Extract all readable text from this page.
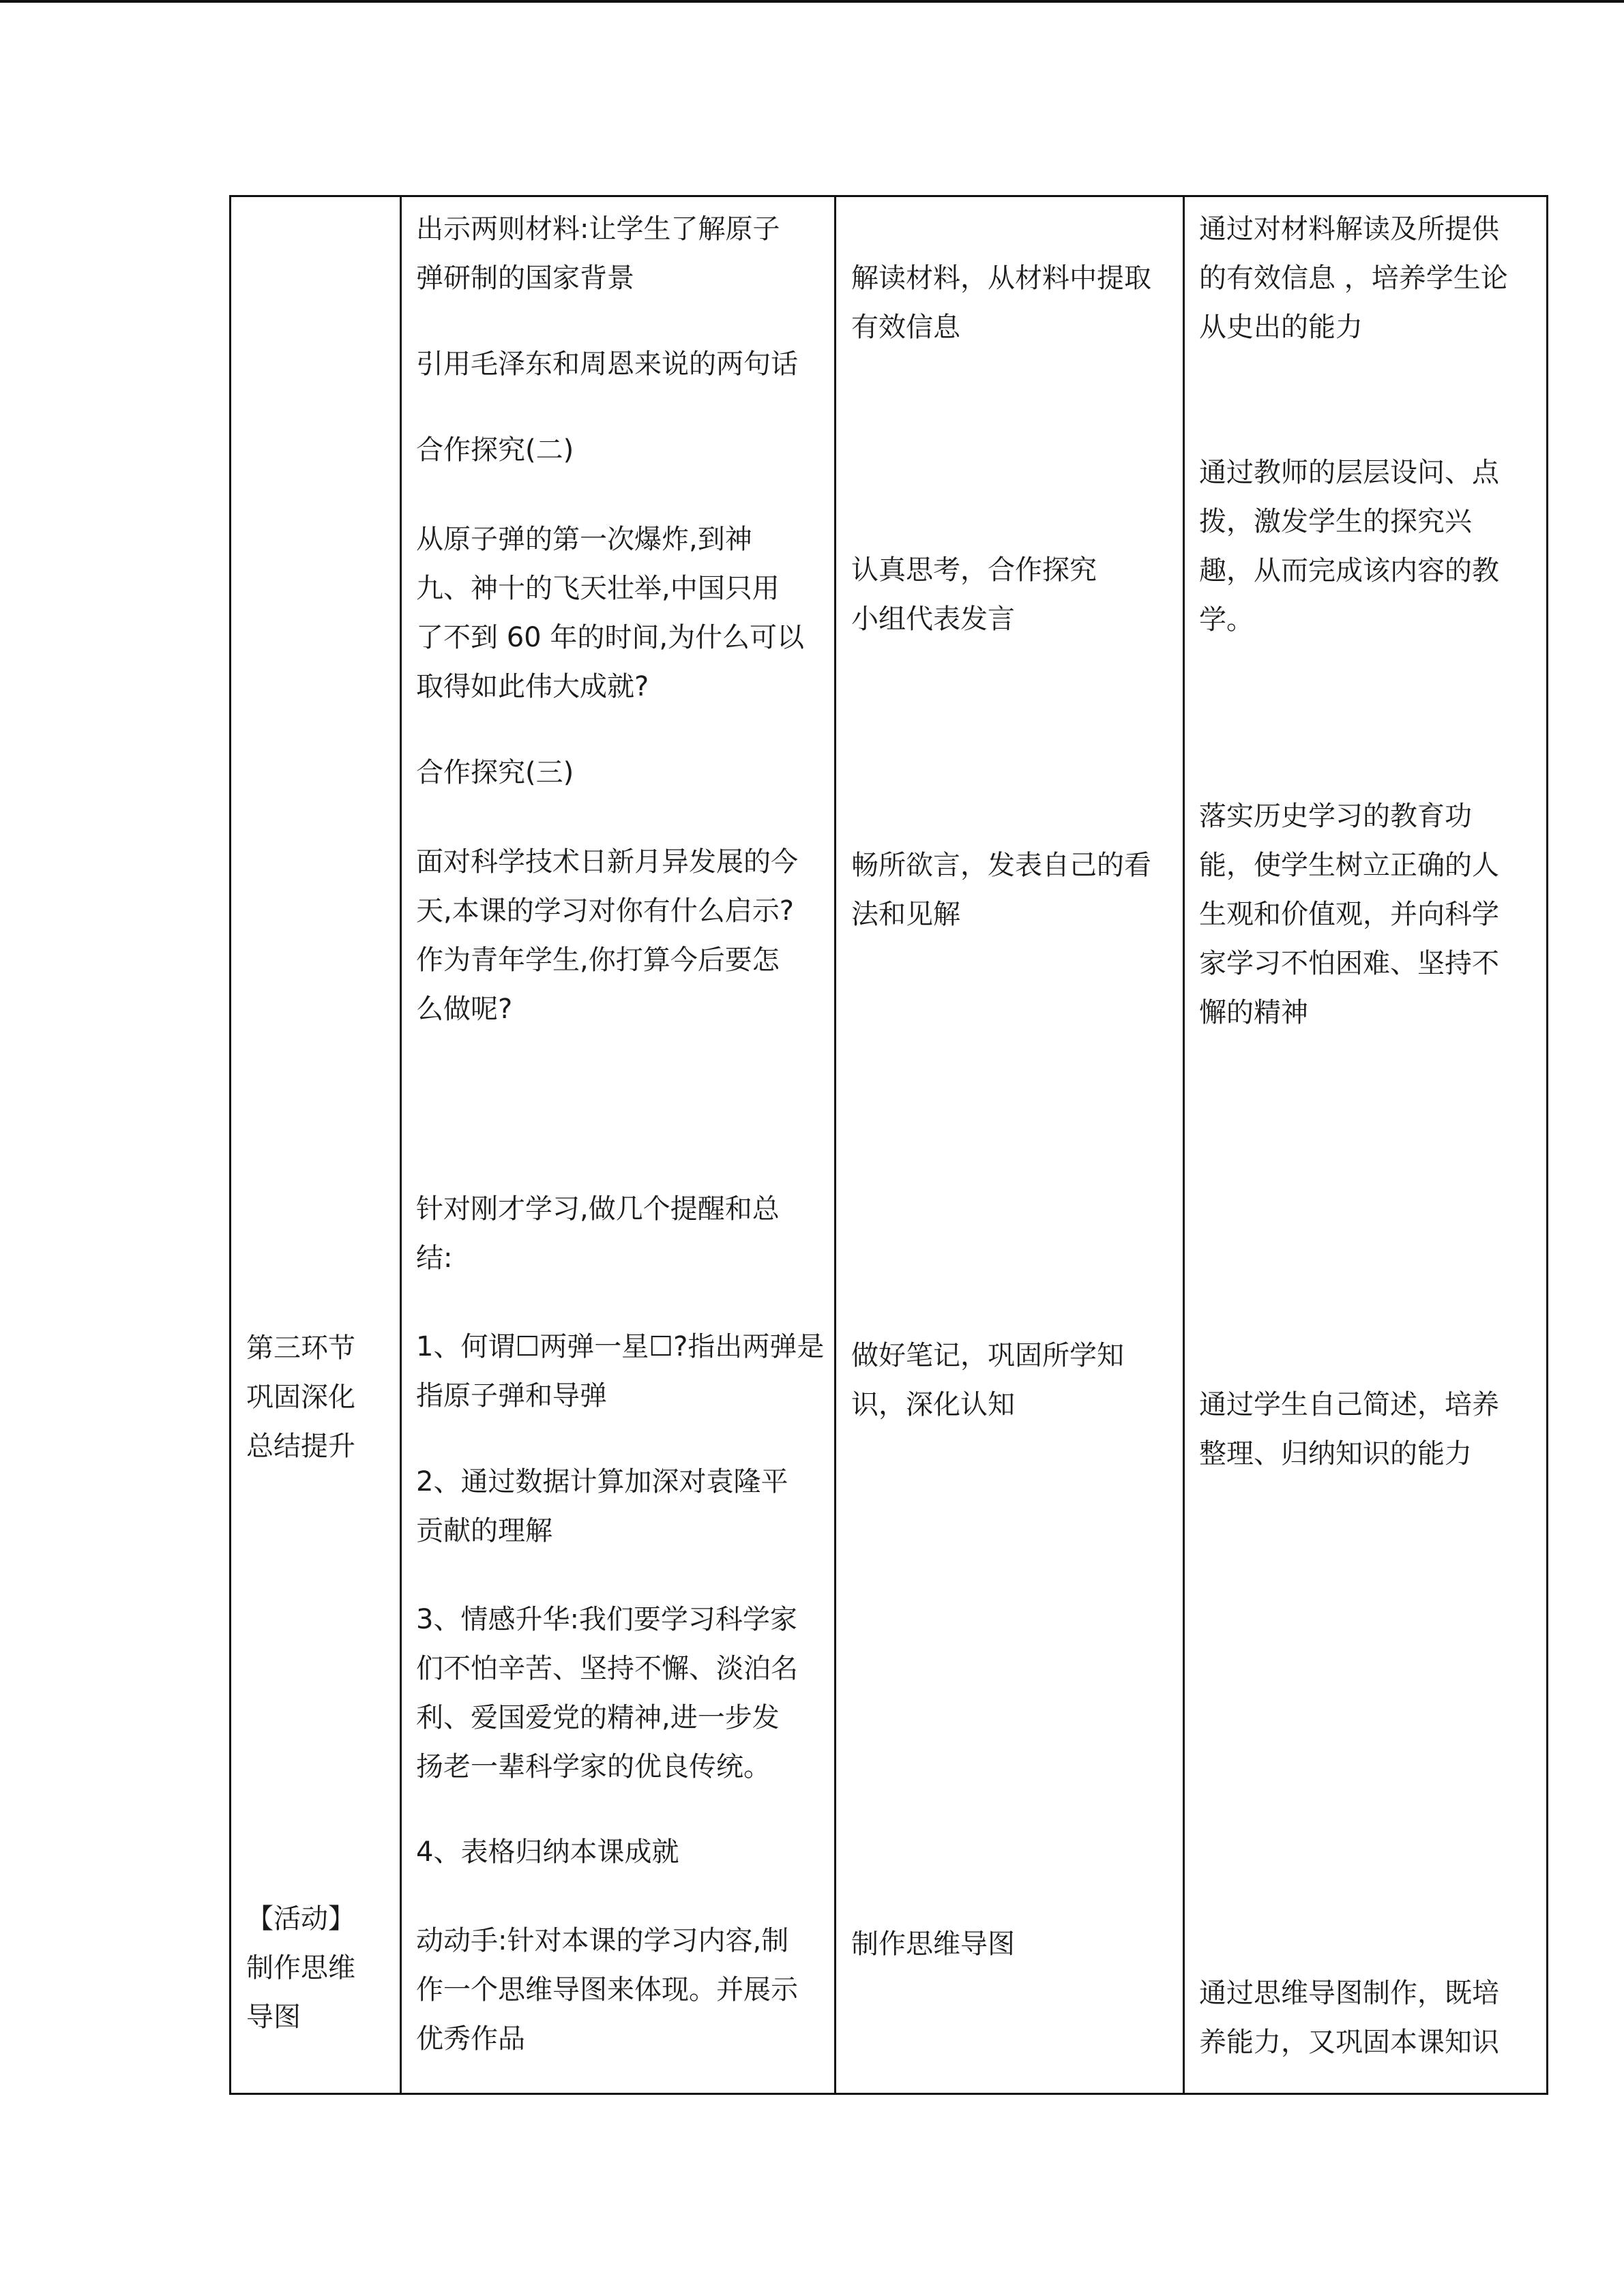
第三环节

巩固深化

总结提升

【活动】

制作思维

导图

出示两则材料:让学生了解原子

弹研制的国家背景

引用毛泽东和周恩来说的两句话

合作探究(二)

从原子弹的第一次爆炸,到神

九、神十的飞天壮举,中国只用

了不到 60 年的时间,为什么可以

取得如此伟大成就?

合作探究(三)

面对科学技术日新月异发展的今

天,本课的学习对你有什么启示?

作为青年学生,你打算今后要怎

么做呢?

针对刚才学习,做几个提醒和总

结:

1、何谓☐两弹一星☐?指出两弹是

指原子弹和导弹

2、通过数据计算加深对袁隆平

贡献的理解

3、情感升华:我们要学习科学家

们不怕辛苦、坚持不懈、淡泊名

利、爱国爱党的精神,进一步发

扬老一辈科学家的优良传统。

4、表格归纳本课成就

动动手:针对本课的学习内容,制

作一个思维导图来体现。并展示

优秀作品

解读材料，从材料中提取

有效信息

认真思考，合作探究

小组代表发言

畅所欲言，发表自己的看

法和见解

做好笔记，巩固所学知

识，深化认知

制作思维导图

通过对材料解读及所提供

的有效信息 ，培养学生论

从史出的能力

通过教师的层层设问、点

拨，激发学生的探究兴

趣，从而完成该内容的教

学。

落实历史学习的教育功

能，使学生树立正确的人

生观和价值观，并向科学

家学习不怕困难、坚持不

懈的精神

通过学生自己简述，培养

整理、归纳知识的能力

通过思维导图制作，既培

养能力，又巩固本课知识
